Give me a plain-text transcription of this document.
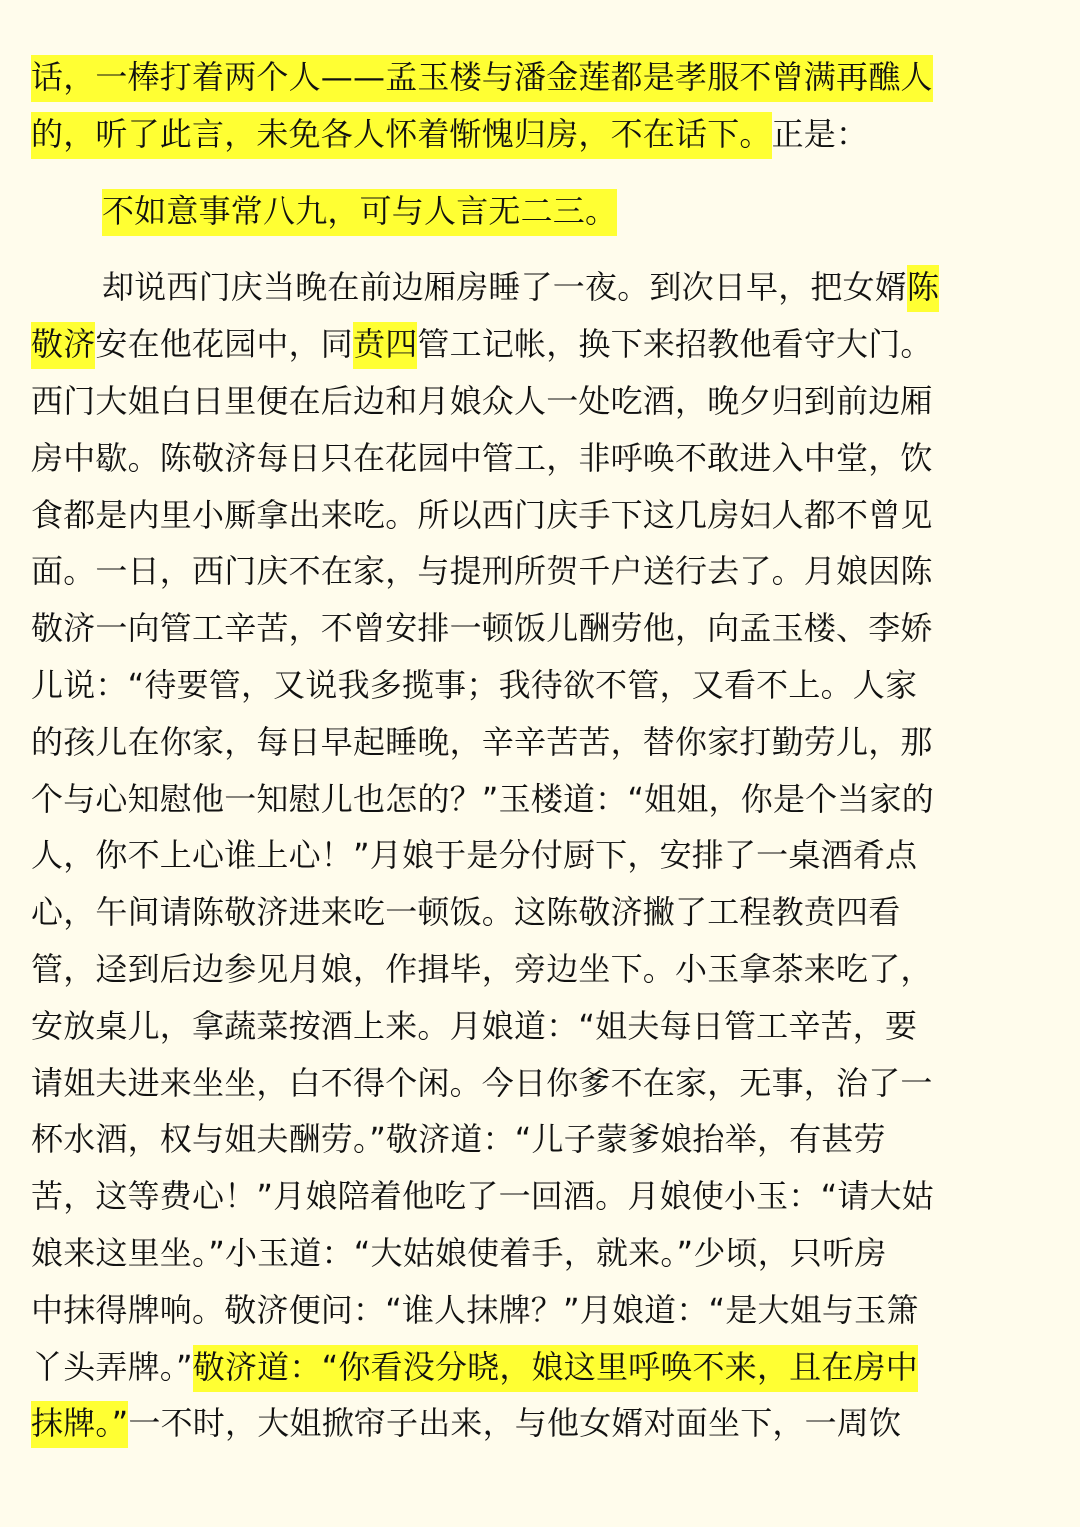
话，一棒打着两个人——孟玉楼与潘金莲都是孝服不曾满再醮人
的，听了此言，未免各人怀着惭愧归房，不在话下。正是：
不如意事常八九，可与人言无二三。
却说西门庆当晚在前边厢房睡了一夜。到次日早，把女婿陈
敬济安在他花园中，同贲四管工记帐，换下来招教他看守大门。
西门大姐白日里便在后边和月娘众人一处吃酒，晚夕归到前边厢
房中歇。陈敬济每日只在花园中管工，非呼唤不敢进入中堂，饮
食都是内里小厮拿出来吃。所以西门庆手下这几房妇人都不曾见
面。一日，西门庆不在家，与提刑所贺千户送行去了。月娘因陈
敬济一向管工辛苦，不曾安排一顿饭儿酬劳他，向孟玉楼、李娇
儿说：“待要管，又说我多揽事；我待欲不管，又看不上。人家
的孩儿在你家，每日早起睡晚，辛辛苦苦，替你家打勤劳儿，那
个与心知慰他一知慰儿也怎的？”玉楼道：“姐姐，你是个当家的
人，你不上心谁上心！”月娘于是分付厨下，安排了一桌酒肴点
心，午间请陈敬济进来吃一顿饭。这陈敬济撇了工程教贲四看
管，迳到后边参见月娘，作揖毕，旁边坐下。小玉拿茶来吃了，
安放桌儿，拿蔬菜按酒上来。月娘道：“姐夫每日管工辛苦，要
请姐夫进来坐坐，白不得个闲。今日你爹不在家，无事，治了一
杯水酒，权与姐夫酬劳。”敬济道：“儿子蒙爹娘抬举，有甚劳
苦，这等费心！”月娘陪着他吃了一回酒。月娘使小玉：“请大姑
娘来这里坐。”小玉道：“大姑娘使着手，就来。”少顷，只听房
中抹得牌响。敬济便问：“谁人抹牌？”月娘道：“是大姐与玉箫
丫头弄牌。”敬济道：“你看没分晓，娘这里呼唤不来，且在房中
抹牌。”一不时，大姐掀帘子出来，与他女婿对面坐下，一周饮
